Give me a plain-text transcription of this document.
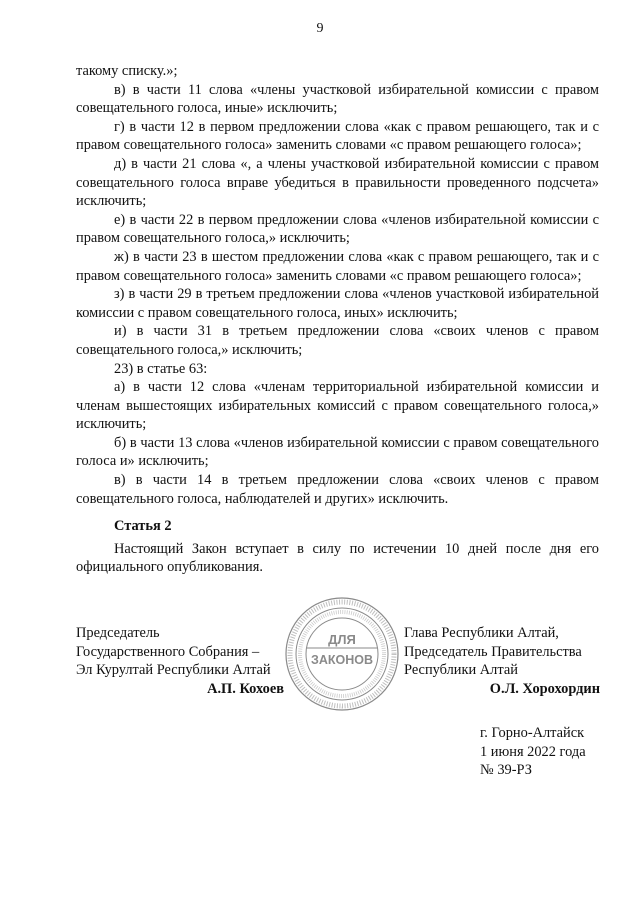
9

такому списку.»;

в) в части 11 слова «члены участковой избирательной комиссии с правом совещательного голоса, иные» исключить;

г) в части 12 в первом предложении слова «как с правом решающего, так и с правом совещательного голоса» заменить словами «с правом решающего голоса»;

д) в части 21 слова «, а члены участковой избирательной комиссии с правом совещательного голоса вправе убедиться в правильности проведенного подсчета» исключить;

е) в части 22 в первом предложении слова «членов избирательной комиссии с правом совещательного голоса,» исключить;

ж) в части 23 в шестом предложении слова «как с правом решающего, так и с правом совещательного голоса» заменить словами «с правом решающего голоса»;

з) в части 29 в третьем предложении слова «членов участковой избирательной комиссии с правом совещательного голоса, иных» исключить;

и) в части 31 в третьем предложении слова «своих членов с правом совещательного голоса,» исключить;

23) в статье 63:

а) в части 12 слова «членам территориальной избирательной комиссии и членам вышестоящих избирательных комиссий с правом совещательного голоса,» исключить;

б) в части 13 слова «членов избирательной комиссии с правом совещательного голоса и» исключить;

в) в части 14 в третьем предложении слова «своих членов с правом совещательного голоса, наблюдателей и других» исключить.

Статья 2

Настоящий Закон вступает в силу по истечении 10 дней после дня его официального опубликования.

Председатель
Государственного Собрания –
Эл Курултай Республики Алтай
А.П. Кохоев
ДЛЯ
ЗАКОНОВ
Глава Республики Алтай,
Председатель Правительства
Республики Алтай
О.Л. Хорохордин
г. Горно-Алтайск
1 июня 2022 года
№ 39-РЗ
